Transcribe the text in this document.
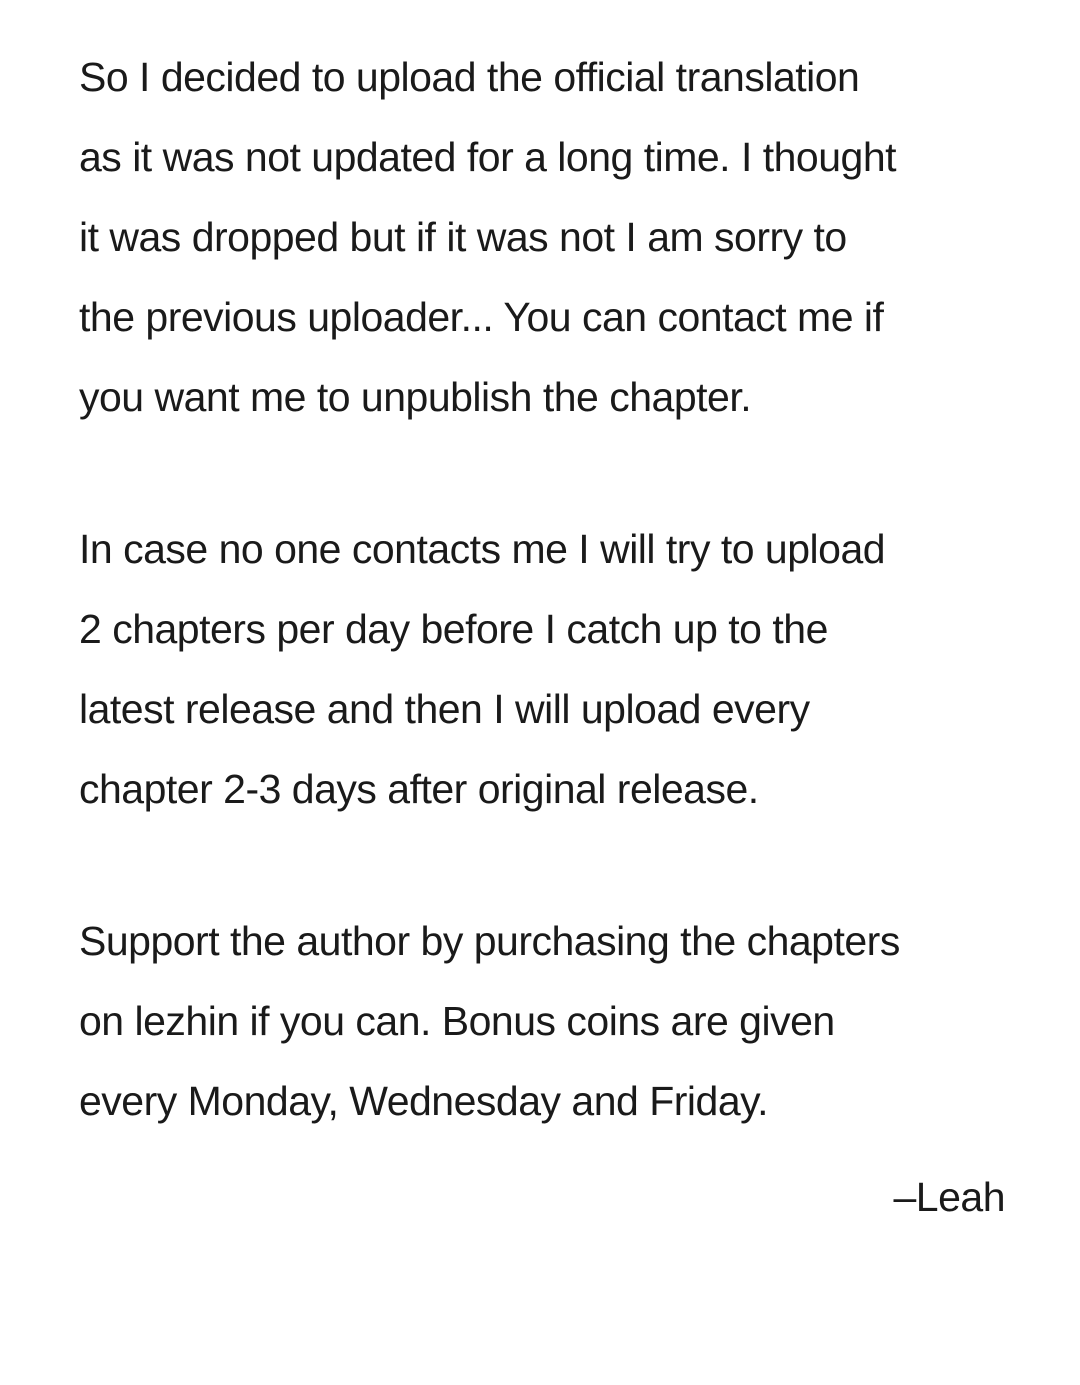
So I decided to upload the official translation
as it was not updated for a long time. I thought
it was dropped but if it was not I am sorry to
the previous uploader... You can contact me if
you want me to unpublish the chapter.

In case no one contacts me I will try to upload
2 chapters per day before I catch up to the
latest release and then I will upload every
chapter 2-3 days after original release.

Support the author by purchasing the chapters
on lezhin if you can. Bonus coins are given
every Monday, Wednesday and Friday.

–Leah
